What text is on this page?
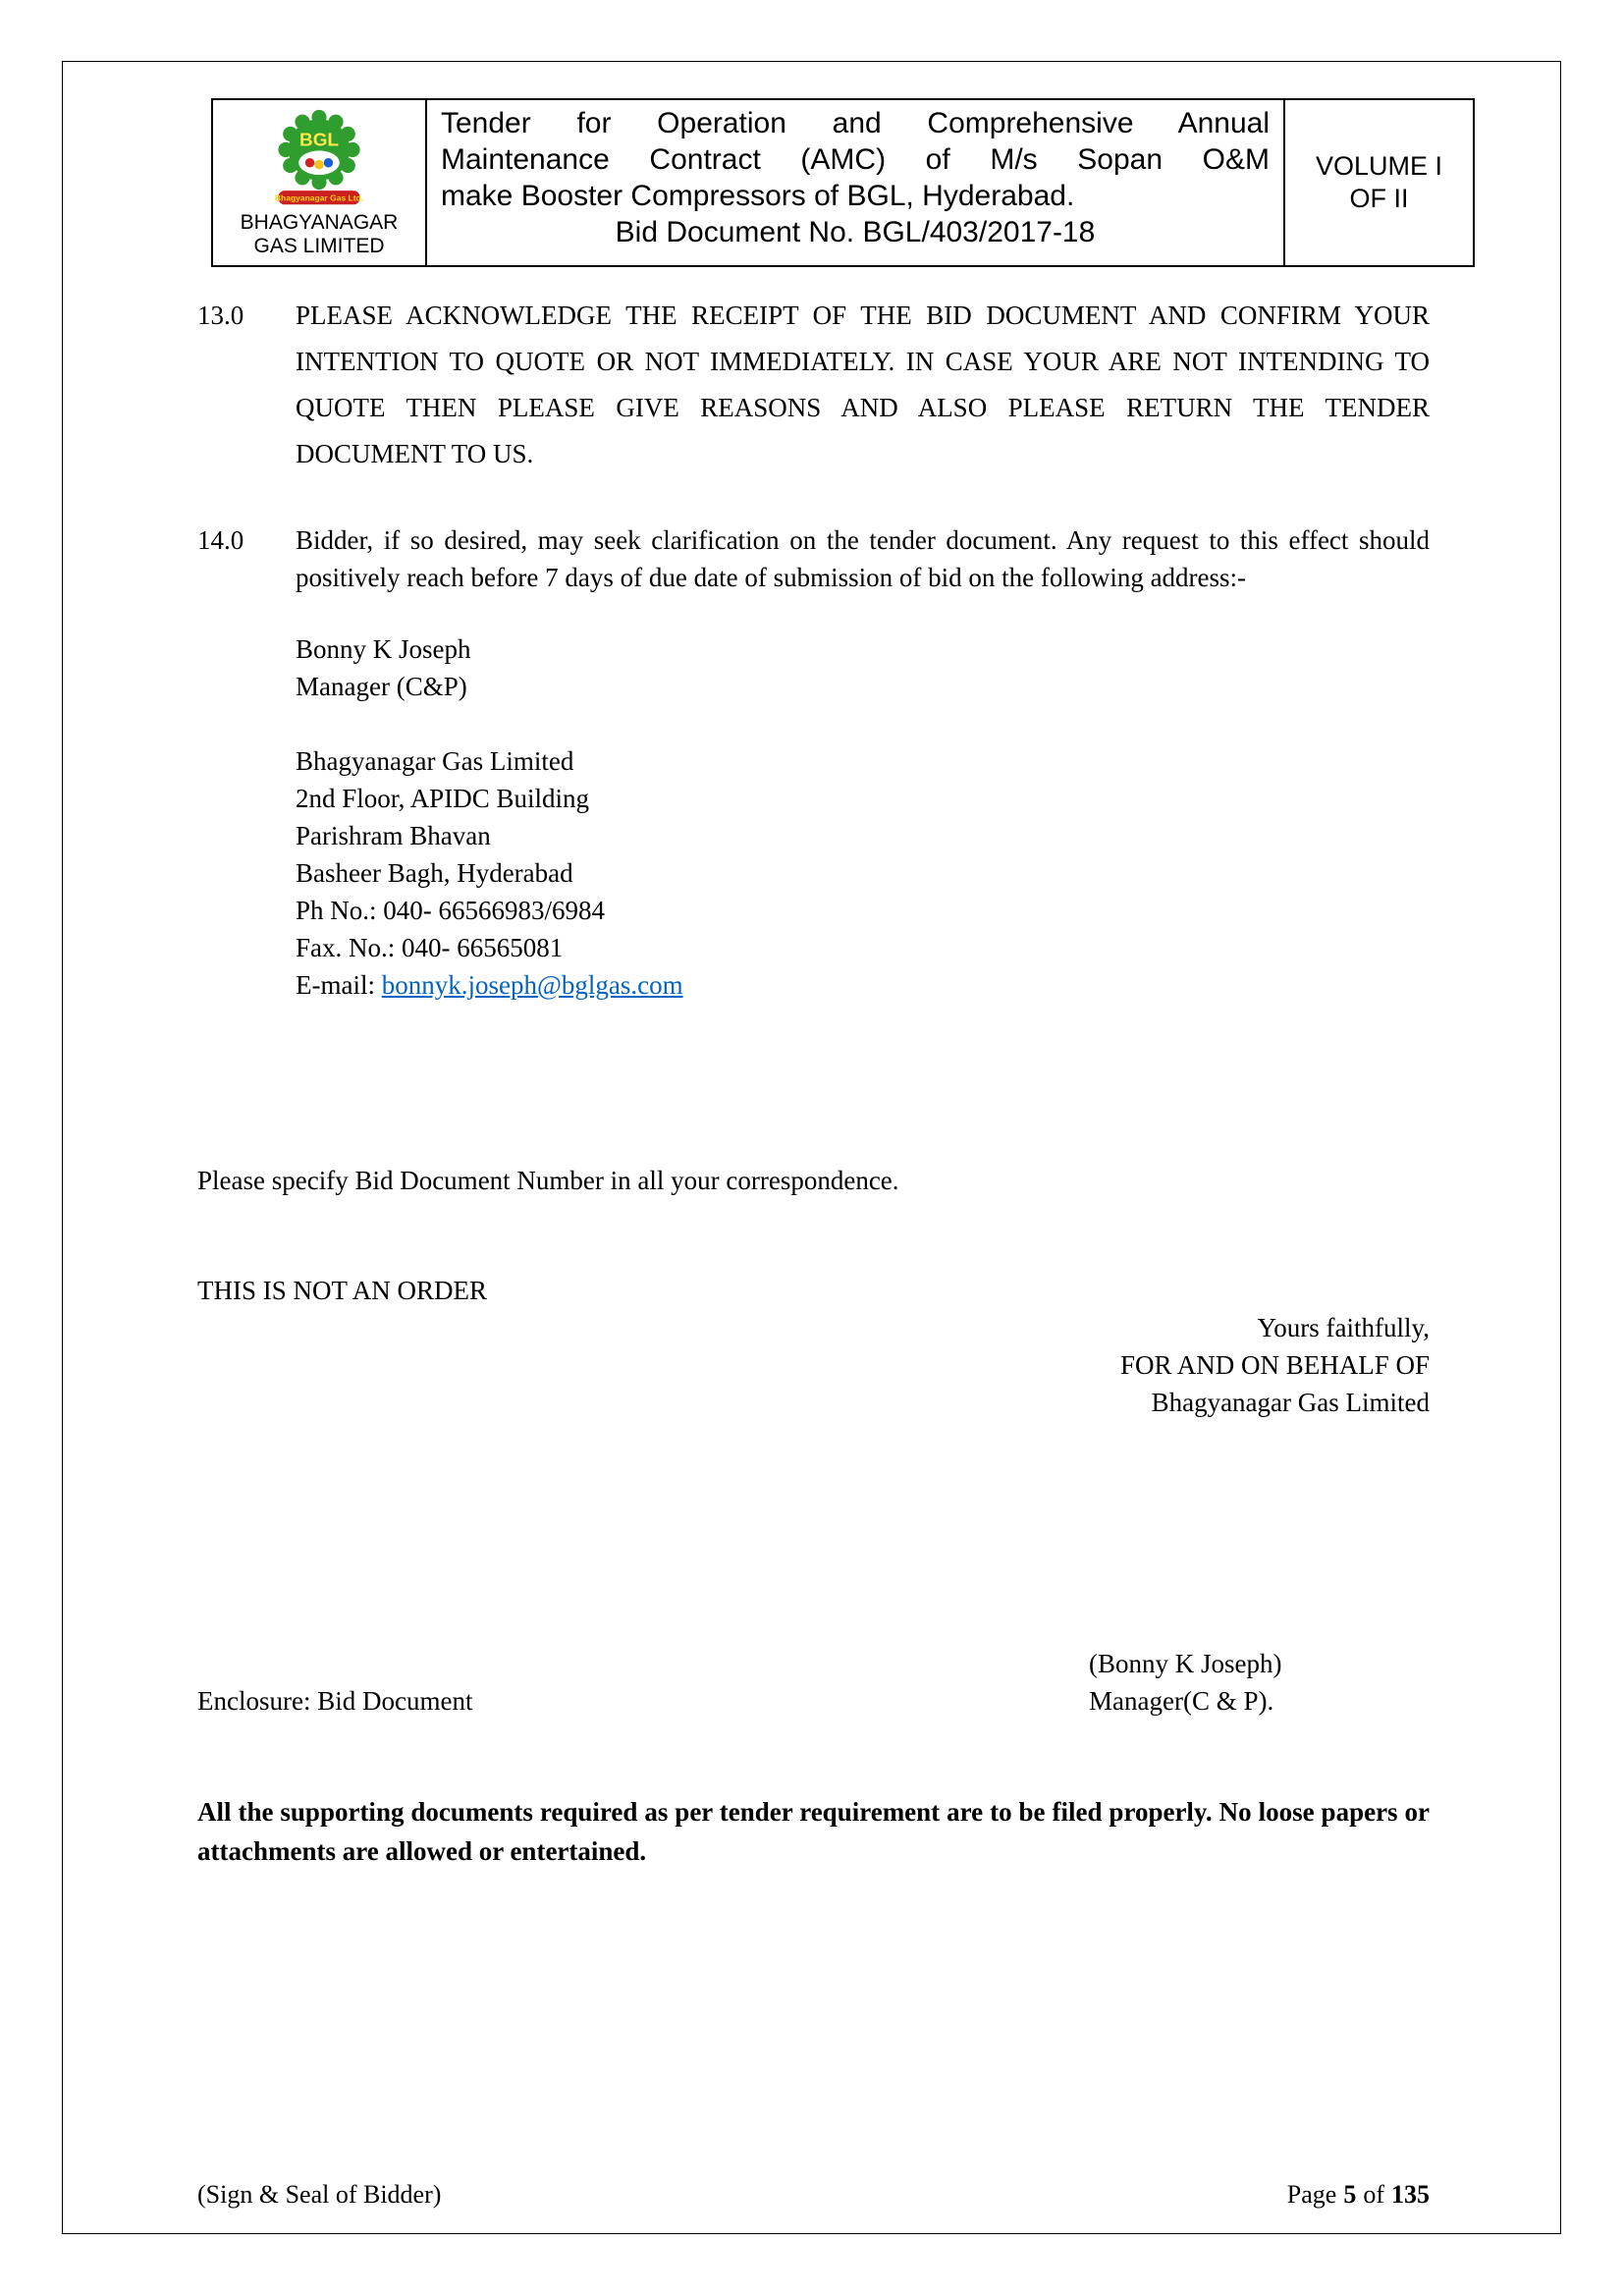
BGL
Bhagyanagar Gas Ltd.
BHAGYANAGAR GAS LIMITED
Tender for Operation and Comprehensive Annual
Maintenance Contract (AMC) of M/s Sopan O&M
make Booster Compressors of BGL, Hyderabad.
Bid Document No. BGL/403/2017-18
VOLUME I
OF II
13.0	PLEASE ACKNOWLEDGE THE RECEIPT OF THE BID DOCUMENT AND CONFIRM YOUR INTENTION TO QUOTE OR NOT IMMEDIATELY. IN CASE YOUR ARE NOT INTENDING TO QUOTE THEN PLEASE GIVE REASONS AND ALSO PLEASE RETURN THE TENDER DOCUMENT TO US.
14.0	Bidder, if so desired, may seek clarification on the tender document. Any request to this effect should positively reach before 7 days of due date of submission of bid on the following address:-
Bonny K Joseph
Manager (C&P)
Bhagyanagar Gas Limited
2nd Floor, APIDC Building
Parishram Bhavan
Basheer Bagh, Hyderabad
Ph No.: 040- 66566983/6984
Fax. No.: 040- 66565081
E-mail: bonnyk.joseph@bglgas.com
Please specify Bid Document Number in all your correspondence.
THIS IS NOT AN ORDER
Yours faithfully,
FOR AND ON BEHALF OF
Bhagyanagar Gas Limited
(Bonny K Joseph)
Enclosure: Bid Document	Manager(C & P).
All the supporting documents required as per tender requirement are to be filed properly. No loose papers or attachments are allowed or entertained.
(Sign & Seal of Bidder)	Page 5 of 135
